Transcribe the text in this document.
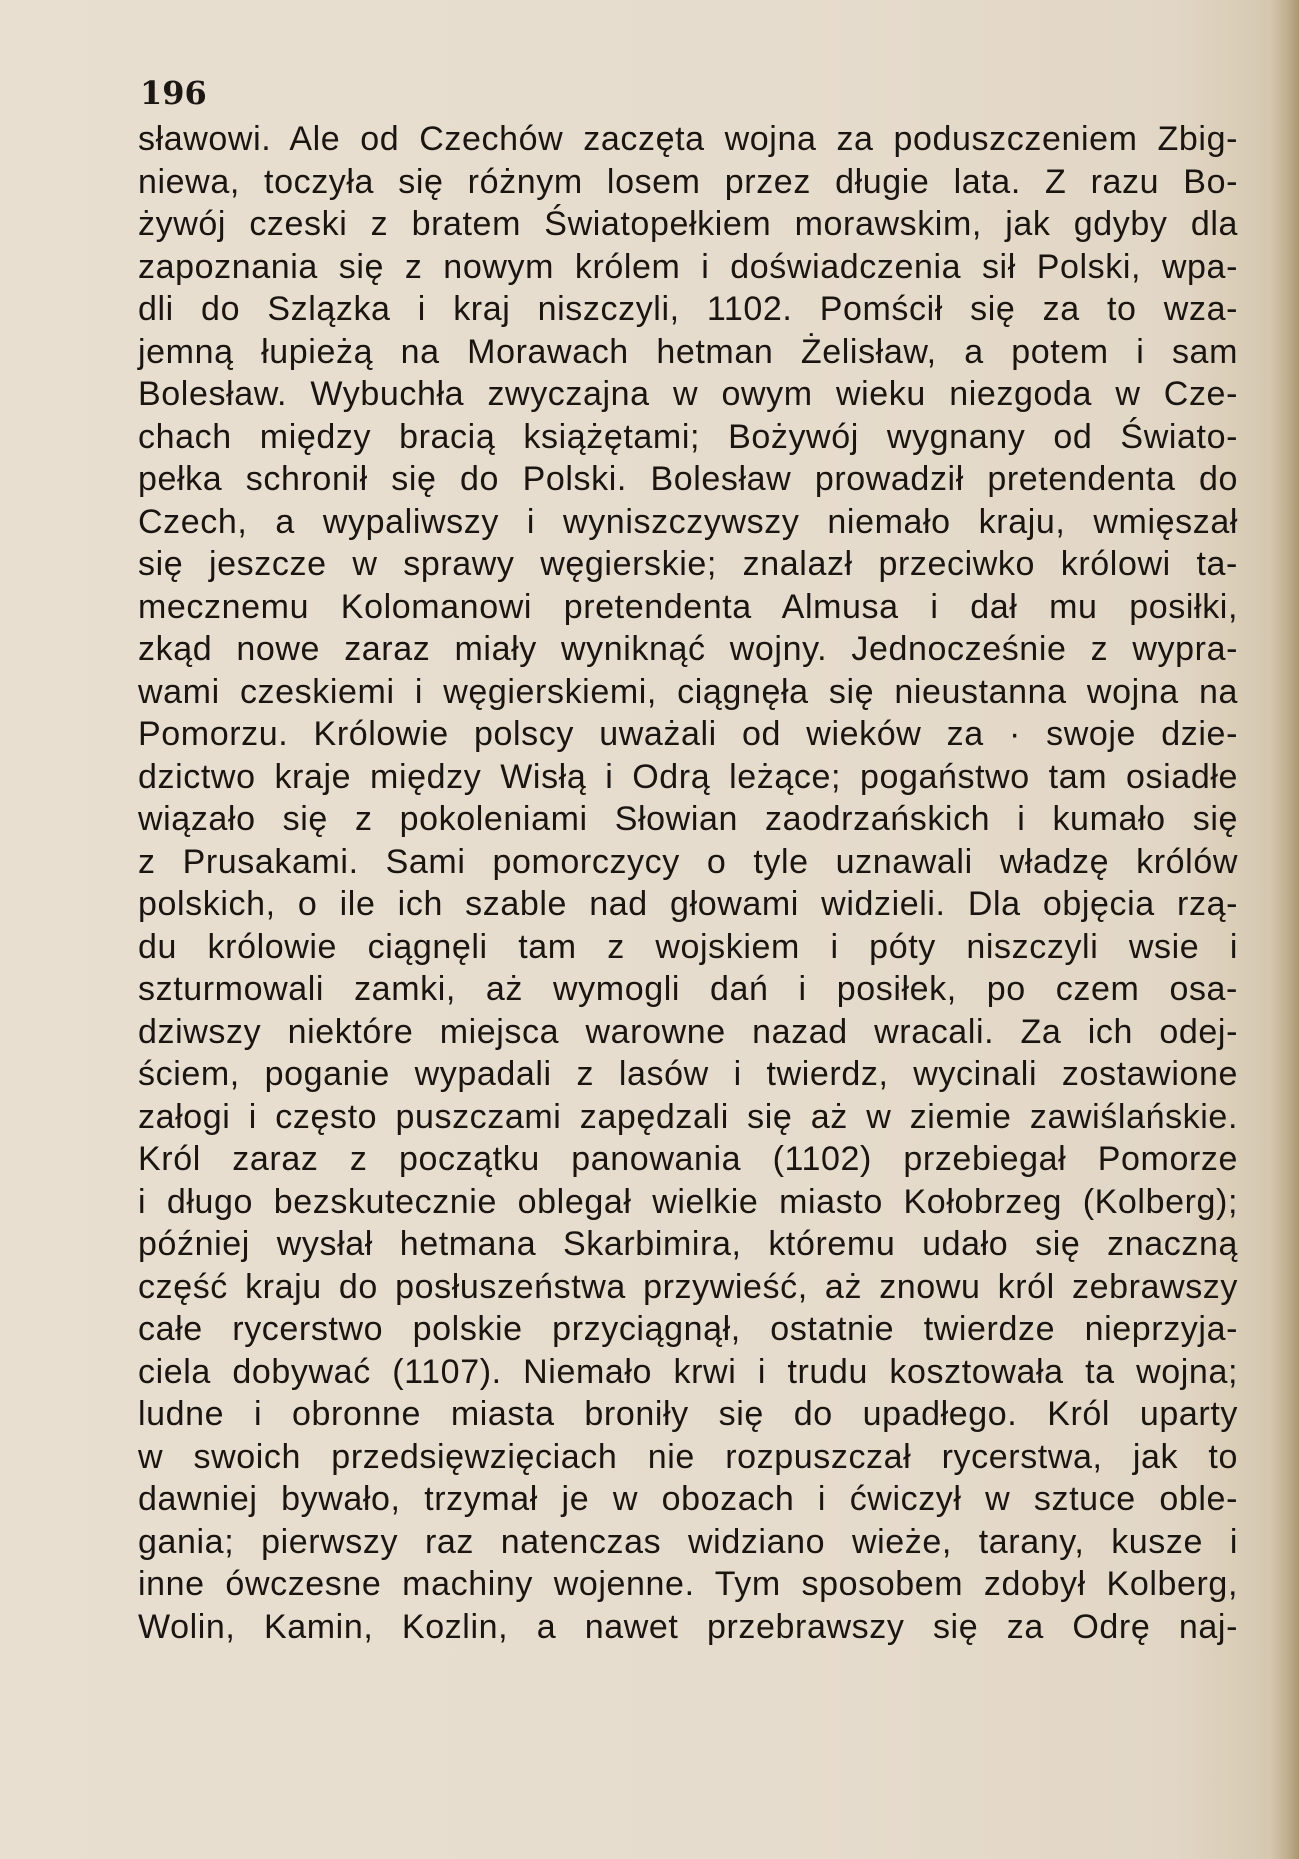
196

sławowi. Ale od Czechów zaczęta wojna za poduszczeniem Zbig-
niewa, toczyła się różnym losem przez długie lata. Z razu Bo-
żywój czeski z bratem Światopełkiem morawskim, jak gdyby dla
zapoznania się z nowym królem i doświadczenia sił Polski, wpa-
dli do Szlązka i kraj niszczyli, 1102. Pomścił się za to wza-
jemną łupieżą na Morawach hetman Żelisław, a potem i sam
Bolesław. Wybuchła zwyczajna w owym wieku niezgoda w Cze-
chach między bracią książętami; Bożywój wygnany od Świato-
pełka schronił się do Polski. Bolesław prowadził pretendenta do
Czech, a wypaliwszy i wyniszczywszy niemało kraju, wmięszał
się jeszcze w sprawy węgierskie; znalazł przeciwko królowi ta-
mecznemu Kolomanowi pretendenta Almusa i dał mu posiłki,
zkąd nowe zaraz miały wyniknąć wojny. Jednocześnie z wypra-
wami czeskiemi i węgierskiemi, ciągnęła się nieustanna wojna na
Pomorzu. Królowie polscy uważali od wieków za · swoje dzie-
dzictwo kraje między Wisłą i Odrą leżące; pogaństwo tam osiadłe
wiązało się z pokoleniami Słowian zaodrzańskich i kumało się
z Prusakami. Sami pomorczycy o tyle uznawali władzę królów
polskich, o ile ich szable nad głowami widzieli. Dla objęcia rzą-
du królowie ciągnęli tam z wojskiem i póty niszczyli wsie i
szturmowali zamki, aż wymogli dań i posiłek, po czem osa-
dziwszy niektóre miejsca warowne nazad wracali. Za ich odej-
ściem, poganie wypadali z lasów i twierdz, wycinali zostawione
załogi i często puszczami zapędzali się aż w ziemie zawiślańskie.
Król zaraz z początku panowania (1102) przebiegał Pomorze
i długo bezskutecznie oblegał wielkie miasto Kołobrzeg (Kolberg);
później wysłał hetmana Skarbimira, któremu udało się znaczną
część kraju do posłuszeństwa przywieść, aż znowu król zebrawszy
całe rycerstwo polskie przyciągnął, ostatnie twierdze nieprzyja-
ciela dobywać (1107). Niemało krwi i trudu kosztowała ta wojna;
ludne i obronne miasta broniły się do upadłego. Król uparty
w swoich przedsięwzięciach nie rozpuszczał rycerstwa, jak to
dawniej bywało, trzymał je w obozach i ćwiczył w sztuce oble-
gania; pierwszy raz natenczas widziano wieże, tarany, kusze i
inne ówczesne machiny wojenne. Tym sposobem zdobył Kolberg,
Wolin, Kamin, Kozlin, a nawet przebrawszy się za Odrę naj-
